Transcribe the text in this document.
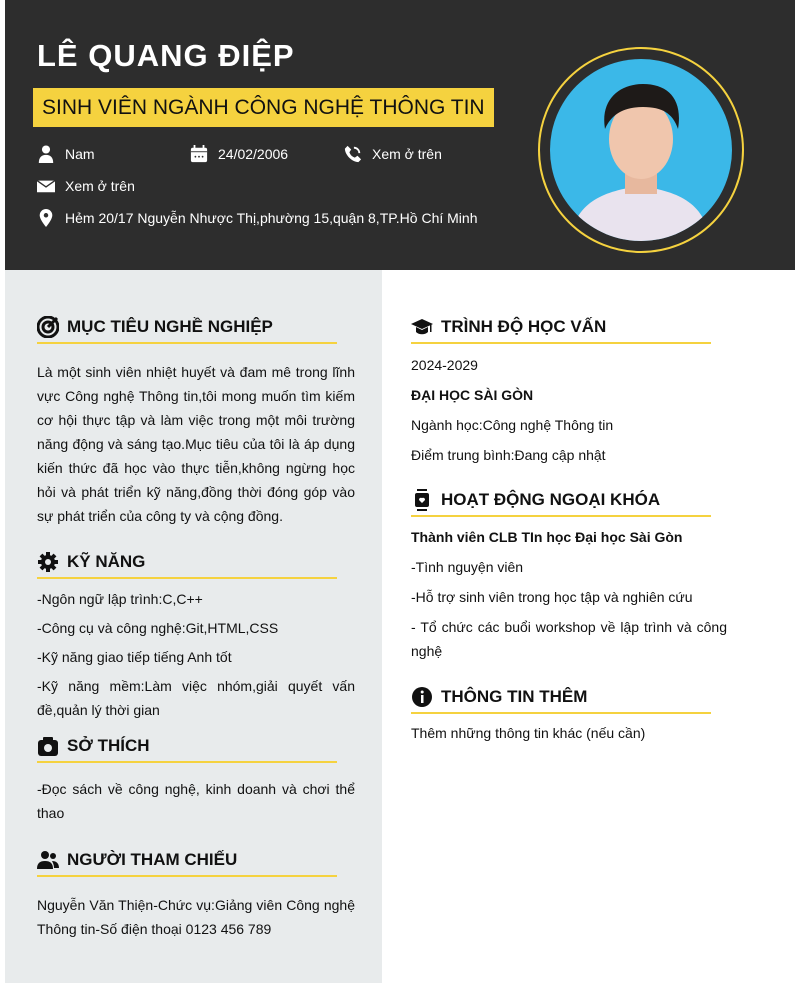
LÊ QUANG ĐIỆP
SINH VIÊN NGÀNH CÔNG NGHỆ THÔNG TIN
Nam	24/02/2006	Xem ở trên
Xem ở trên
Hẻm 20/17 Nguyễn Nhược Thị,phường 15,quận 8,TP.Hồ Chí Minh
MỤC TIÊU NGHỀ NGHIỆP

Là một sinh viên nhiệt huyết và đam mê trong lĩnh vực Công nghệ Thông tin,tôi mong muốn tìm kiếm cơ hội thực tập và làm việc trong một môi trường năng động và sáng tạo.Mục tiêu của tôi là áp dụng kiến thức đã học vào thực tiễn,không ngừng học hỏi và phát triển kỹ năng,đồng thời đóng góp vào sự phát triển của công ty và cộng đồng.

KỸ NĂNG

-Ngôn ngữ lập trình:C,C++

-Công cụ và công nghệ:Git,HTML,CSS

-Kỹ năng giao tiếp tiếng Anh tốt

-Kỹ năng mềm:Làm việc nhóm,giải quyết vấn đề,quản lý thời gian

SỞ THÍCH

-Đọc sách về công nghệ, kinh doanh và chơi thể thao

NGƯỜI THAM CHIẾU

Nguyễn Văn Thiện-Chức vụ:Giảng viên Công nghệ Thông tin-Số điện thoại 0123 456 789

TRÌNH ĐỘ HỌC VẤN

2024-2029

ĐẠI HỌC SÀI GÒN

Ngành học:Công nghệ Thông tin

Điểm trung bình:Đang cập nhật

HOẠT ĐỘNG NGOẠI KHÓA

Thành viên CLB TIn học Đại học Sài Gòn

-Tình nguyện viên

-Hỗ trợ sinh viên trong học tập và nghiên cứu

- Tổ chức các buổi workshop về lập trình và công nghệ

THÔNG TIN THÊM

Thêm những thông tin khác (nếu cần)
